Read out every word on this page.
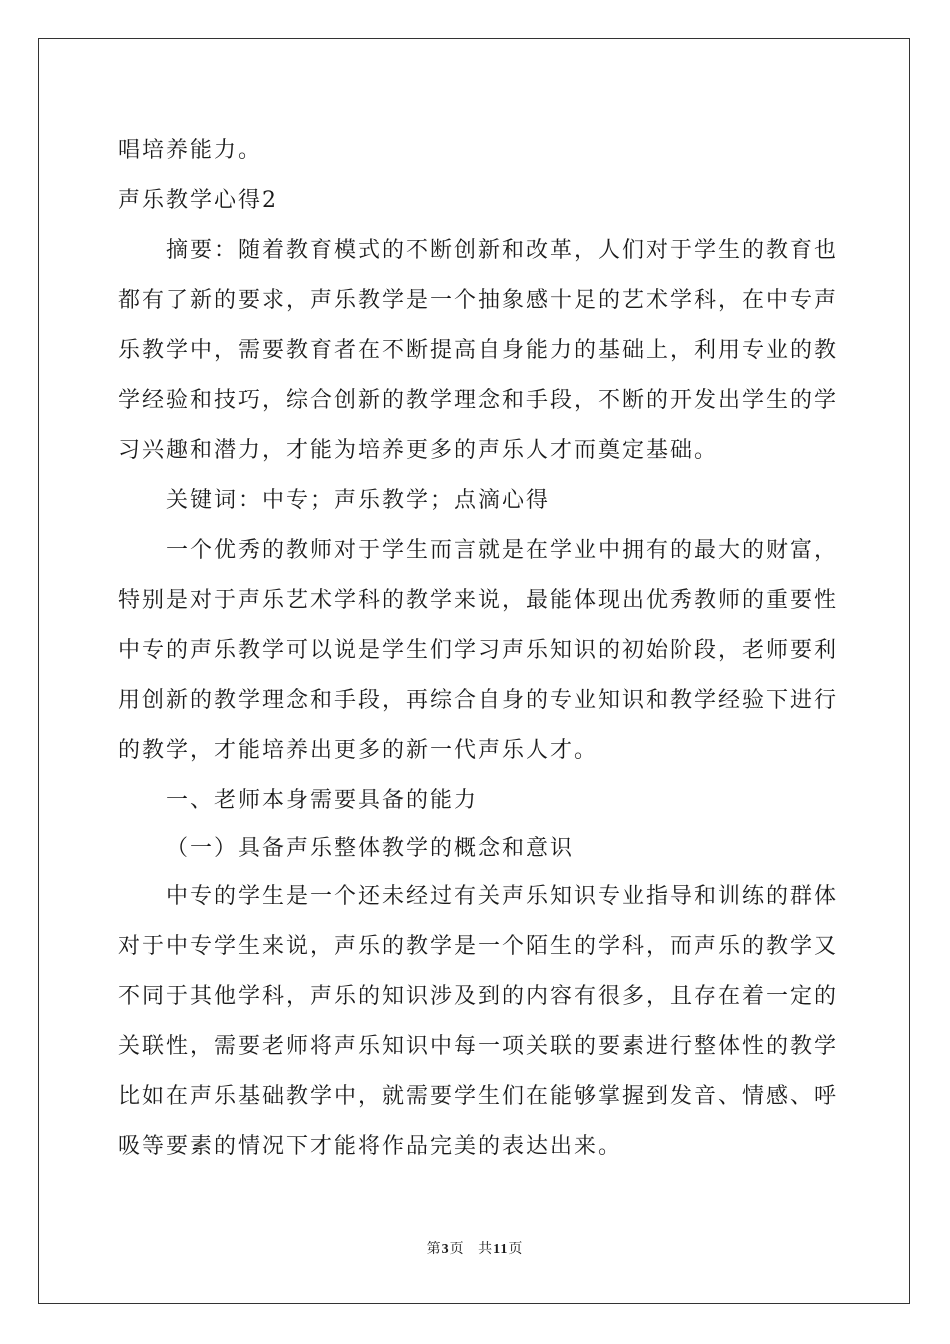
唱培养能力。
声乐教学心得2
摘要：随着教育模式的不断创新和改革，人们对于学生的教育也
都有了新的要求，声乐教学是一个抽象感十足的艺术学科，在中专声
乐教学中，需要教育者在不断提高自身能力的基础上，利用专业的教
学经验和技巧，综合创新的教学理念和手段，不断的开发出学生的学
习兴趣和潜力，才能为培养更多的声乐人才而奠定基础。
关键词：中专；声乐教学；点滴心得
一个优秀的教师对于学生而言就是在学业中拥有的最大的财富，
特别是对于声乐艺术学科的教学来说，最能体现出优秀教师的重要性
中专的声乐教学可以说是学生们学习声乐知识的初始阶段，老师要利
用创新的教学理念和手段，再综合自身的专业知识和教学经验下进行
的教学，才能培养出更多的新一代声乐人才。
一、老师本身需要具备的能力
（一）具备声乐整体教学的概念和意识
中专的学生是一个还未经过有关声乐知识专业指导和训练的群体
对于中专学生来说，声乐的教学是一个陌生的学科，而声乐的教学又
不同于其他学科，声乐的知识涉及到的内容有很多，且存在着一定的
关联性，需要老师将声乐知识中每一项关联的要素进行整体性的教学
比如在声乐基础教学中，就需要学生们在能够掌握到发音、情感、呼
吸等要素的情况下才能将作品完美的表达出来。
第3页 共11页
